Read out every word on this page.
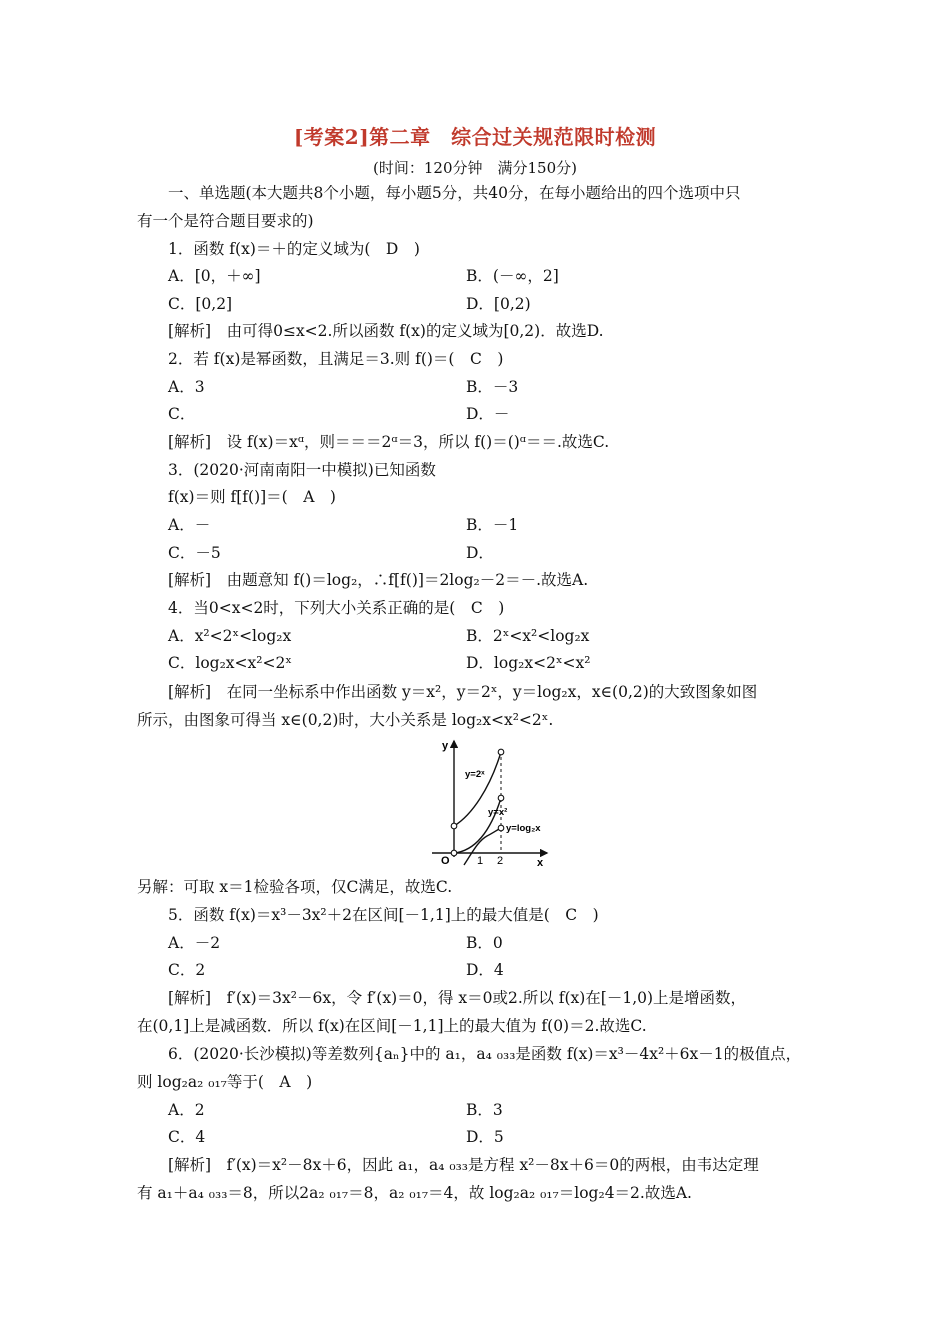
[考案2]第二章　综合过关规范限时检测
(时间：120分钟　满分150分)
一、单选题(本大题共8个小题，每小题5分，共40分，在每小题给出的四个选项中只
有一个是符合题目要求的)
1．函数 f(x)＝＋的定义域为(　D　)
A．[0，＋∞]	B．(－∞，2]
C．[0,2]	D．[0,2)
[解析]　由可得0≤x<2.所以函数 f(x)的定义域为[0,2)．故选D.
2．若 f(x)是幂函数，且满足＝3.则 f()＝(　C　)
A．3	B．－3
C．	D．－
[解析]　设 f(x)＝xᵅ，则＝＝＝2ᵅ＝3，所以 f()＝()ᵅ＝＝.故选C.
3．(2020·河南南阳一中模拟)已知函数
f(x)＝则 f[f()]＝(　A　)
A．－	B．－1
C．－5	D．
[解析]　由题意知 f()＝log₂，∴f[f()]＝2log₂－2＝－.故选A.
4．当0<x<2时，下列大小关系正确的是(　C　)
A．x²<2ˣ<log₂x	B．2ˣ<x²<log₂x
C．log₂x<x²<2ˣ	D．log₂x<2ˣ<x²
[解析]　在同一坐标系中作出函数 y＝x²，y＝2ˣ，y＝log₂x，x∈(0,2)的大致图象如图
所示，由图象可得当 x∈(0,2)时，大小关系是 log₂x<x²<2ˣ.
y
x
O 1 2
y=2ˣ
y=x²
y=log₂x
另解：可取 x＝1检验各项，仅C满足，故选C.
5．函数 f(x)＝x³－3x²＋2在区间[－1,1]上的最大值是(　C　)
A．－2	B．0
C．2	D．4
[解析]　f′(x)＝3x²－6x，令 f′(x)＝0，得 x＝0或2.所以 f(x)在[－1,0)上是增函数，
在(0,1]上是减函数．所以 f(x)在区间[－1,1]上的最大值为 f(0)＝2.故选C.
6．(2020·长沙模拟)等差数列{aₙ}中的 a₁，a₄ ₀₃₃是函数 f(x)＝x³－4x²＋6x－1的极值点，
则 log₂a₂ ₀₁₇等于(　A　)
A．2	B．3
C．4	D．5
[解析]　f′(x)＝x²－8x＋6，因此 a₁，a₄ ₀₃₃是方程 x²－8x＋6＝0的两根，由韦达定理
有 a₁＋a₄ ₀₃₃＝8，所以2a₂ ₀₁₇＝8，a₂ ₀₁₇＝4，故 log₂a₂ ₀₁₇＝log₂4＝2.故选A.
